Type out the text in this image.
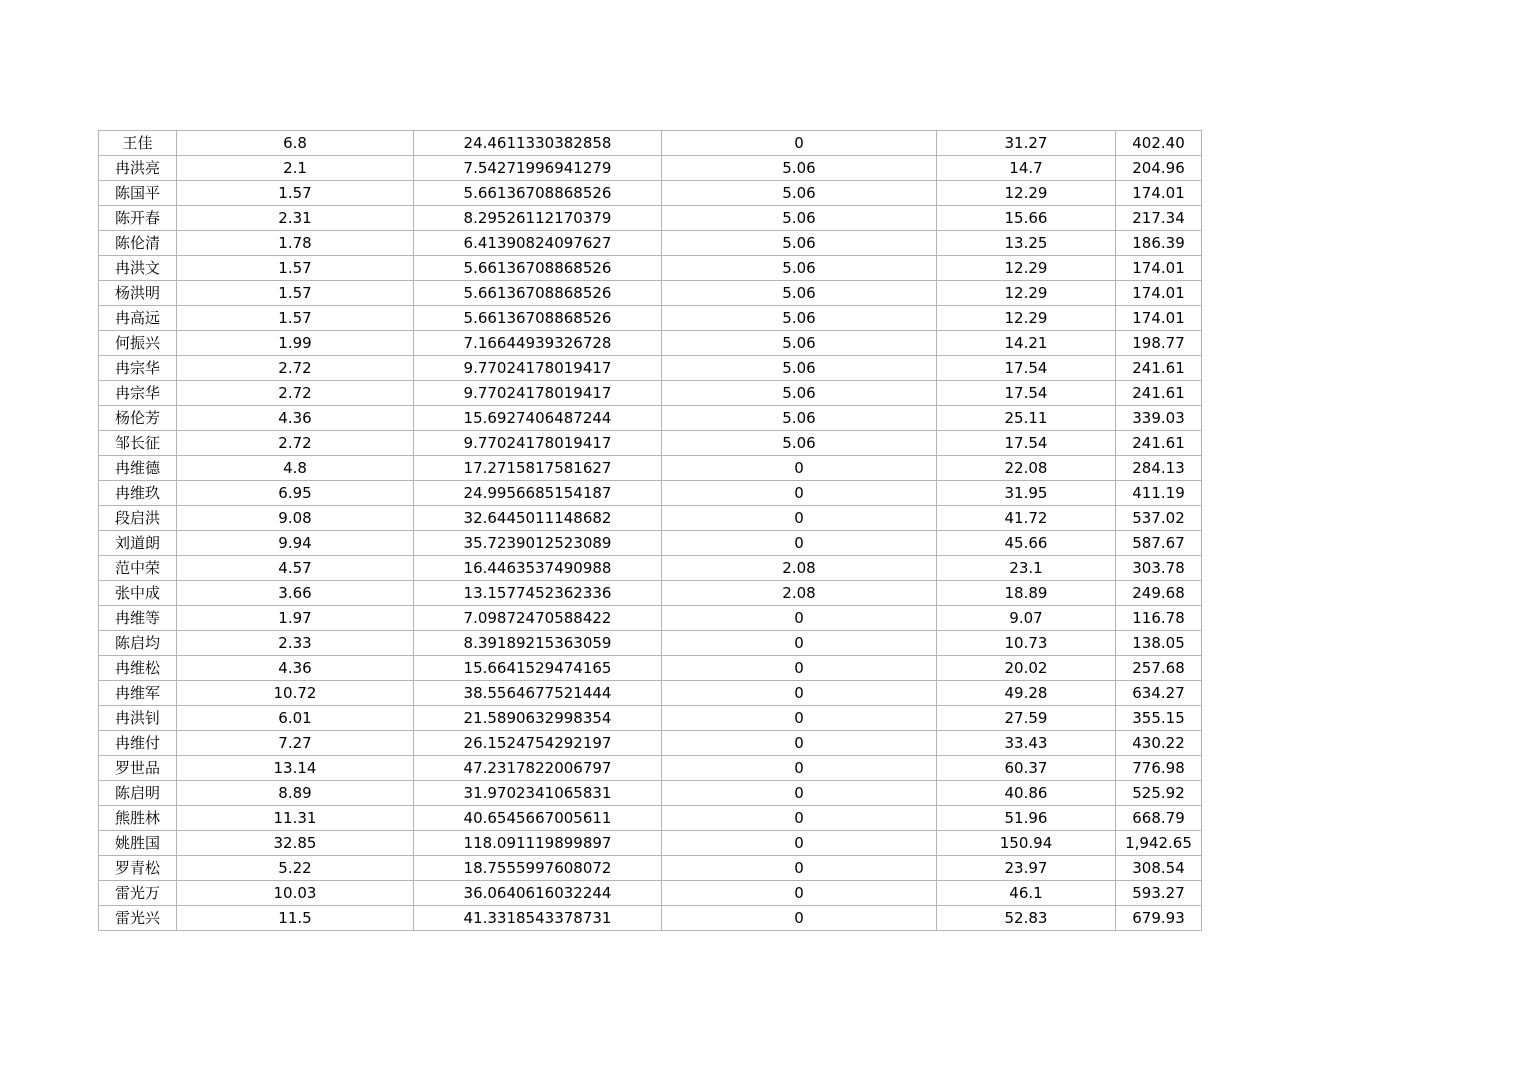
王佳	6.8	24.4611330382858	0	31.27	402.40
冉洪亮	2.1	7.54271996941279	5.06	14.7	204.96
陈国平	1.57	5.66136708868526	5.06	12.29	174.01
陈开春	2.31	8.29526112170379	5.06	15.66	217.34
陈伦清	1.78	6.41390824097627	5.06	13.25	186.39
冉洪文	1.57	5.66136708868526	5.06	12.29	174.01
杨洪明	1.57	5.66136708868526	5.06	12.29	174.01
冉高远	1.57	5.66136708868526	5.06	12.29	174.01
何振兴	1.99	7.16644939326728	5.06	14.21	198.77
冉宗华	2.72	9.77024178019417	5.06	17.54	241.61
冉宗华	2.72	9.77024178019417	5.06	17.54	241.61
杨伦芳	4.36	15.6927406487244	5.06	25.11	339.03
邹长征	2.72	9.77024178019417	5.06	17.54	241.61
冉维德	4.8	17.2715817581627	0	22.08	284.13
冉维玖	6.95	24.9956685154187	0	31.95	411.19
段启洪	9.08	32.6445011148682	0	41.72	537.02
刘道朗	9.94	35.7239012523089	0	45.66	587.67
范中荣	4.57	16.4463537490988	2.08	23.1	303.78
张中成	3.66	13.1577452362336	2.08	18.89	249.68
冉维等	1.97	7.09872470588422	0	9.07	116.78
陈启均	2.33	8.39189215363059	0	10.73	138.05
冉维松	4.36	15.6641529474165	0	20.02	257.68
冉维军	10.72	38.5564677521444	0	49.28	634.27
冉洪钊	6.01	21.5890632998354	0	27.59	355.15
冉维付	7.27	26.1524754292197	0	33.43	430.22
罗世品	13.14	47.2317822006797	0	60.37	776.98
陈启明	8.89	31.9702341065831	0	40.86	525.92
熊胜林	11.31	40.6545667005611	0	51.96	668.79
姚胜国	32.85	118.091119899897	0	150.94	1,942.65
罗青松	5.22	18.7555997608072	0	23.97	308.54
雷光万	10.03	36.0640616032244	0	46.1	593.27
雷光兴	11.5	41.3318543378731	0	52.83	679.93
